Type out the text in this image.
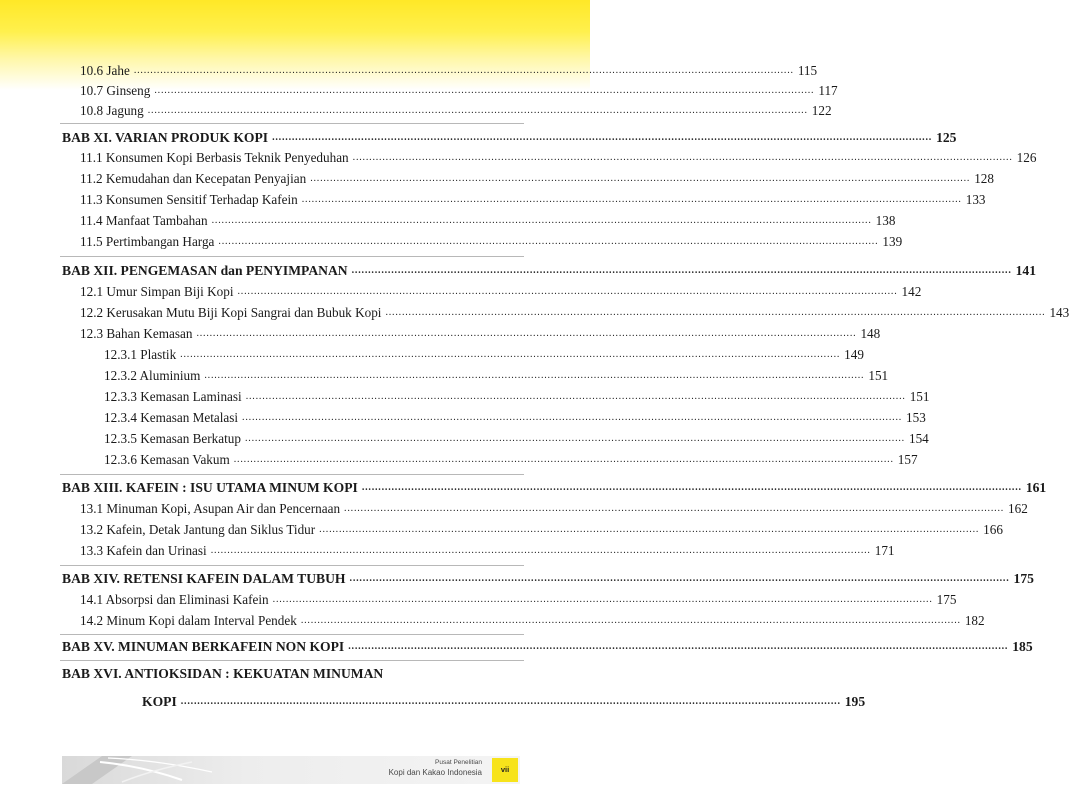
10.6 Jahe ........................................................................................................................................................................................................ 115
10.7 Ginseng ........................................................................................................................................................................................................ 117
10.8 Jagung ........................................................................................................................................................................................................ 122
BAB XI. VARIAN PRODUK KOPI ........................................................................................................................................................................................................ 125
11.1 Konsumen Kopi Berbasis Teknik Penyeduhan ........................................................................................................................................................................................................ 126
11.2 Kemudahan dan Kecepatan Penyajian ........................................................................................................................................................................................................ 128
11.3 Konsumen Sensitif Terhadap Kafein ........................................................................................................................................................................................................ 133
11.4 Manfaat Tambahan ........................................................................................................................................................................................................ 138
11.5 Pertimbangan Harga ........................................................................................................................................................................................................ 139
BAB XII. PENGEMASAN dan PENYIMPANAN ........................................................................................................................................................................................................ 141
12.1 Umur Simpan Biji Kopi ........................................................................................................................................................................................................ 142
12.2 Kerusakan Mutu Biji Kopi Sangrai dan Bubuk Kopi ........................................................................................................................................................................................................ 143
12.3 Bahan Kemasan ........................................................................................................................................................................................................ 148
12.3.1 Plastik ........................................................................................................................................................................................................ 149
12.3.2 Aluminium ........................................................................................................................................................................................................ 151
12.3.3 Kemasan Laminasi ........................................................................................................................................................................................................ 151
12.3.4 Kemasan Metalasi ........................................................................................................................................................................................................ 153
12.3.5 Kemasan Berkatup ........................................................................................................................................................................................................ 154
12.3.6 Kemasan Vakum ........................................................................................................................................................................................................ 157
BAB XIII. KAFEIN : ISU UTAMA MINUM KOPI ........................................................................................................................................................................................................ 161
13.1 Minuman Kopi, Asupan Air dan Pencernaan ........................................................................................................................................................................................................ 162
13.2 Kafein, Detak Jantung dan Siklus Tidur ........................................................................................................................................................................................................ 166
13.3 Kafein dan Urinasi ........................................................................................................................................................................................................ 171
BAB XIV. RETENSI KAFEIN DALAM TUBUH ........................................................................................................................................................................................................ 175
14.1 Absorpsi dan Eliminasi Kafein ........................................................................................................................................................................................................ 175
14.2 Minum Kopi dalam Interval Pendek ........................................................................................................................................................................................................ 182
BAB XV. MINUMAN BERKAFEIN NON KOPI ........................................................................................................................................................................................................ 185
BAB XVI. ANTIOKSIDAN : KEKUATAN MINUMAN
KOPI ........................................................................................................................................................................................................ 195
Pusat Penelitian
Kopi dan Kakao Indonesia	vii
